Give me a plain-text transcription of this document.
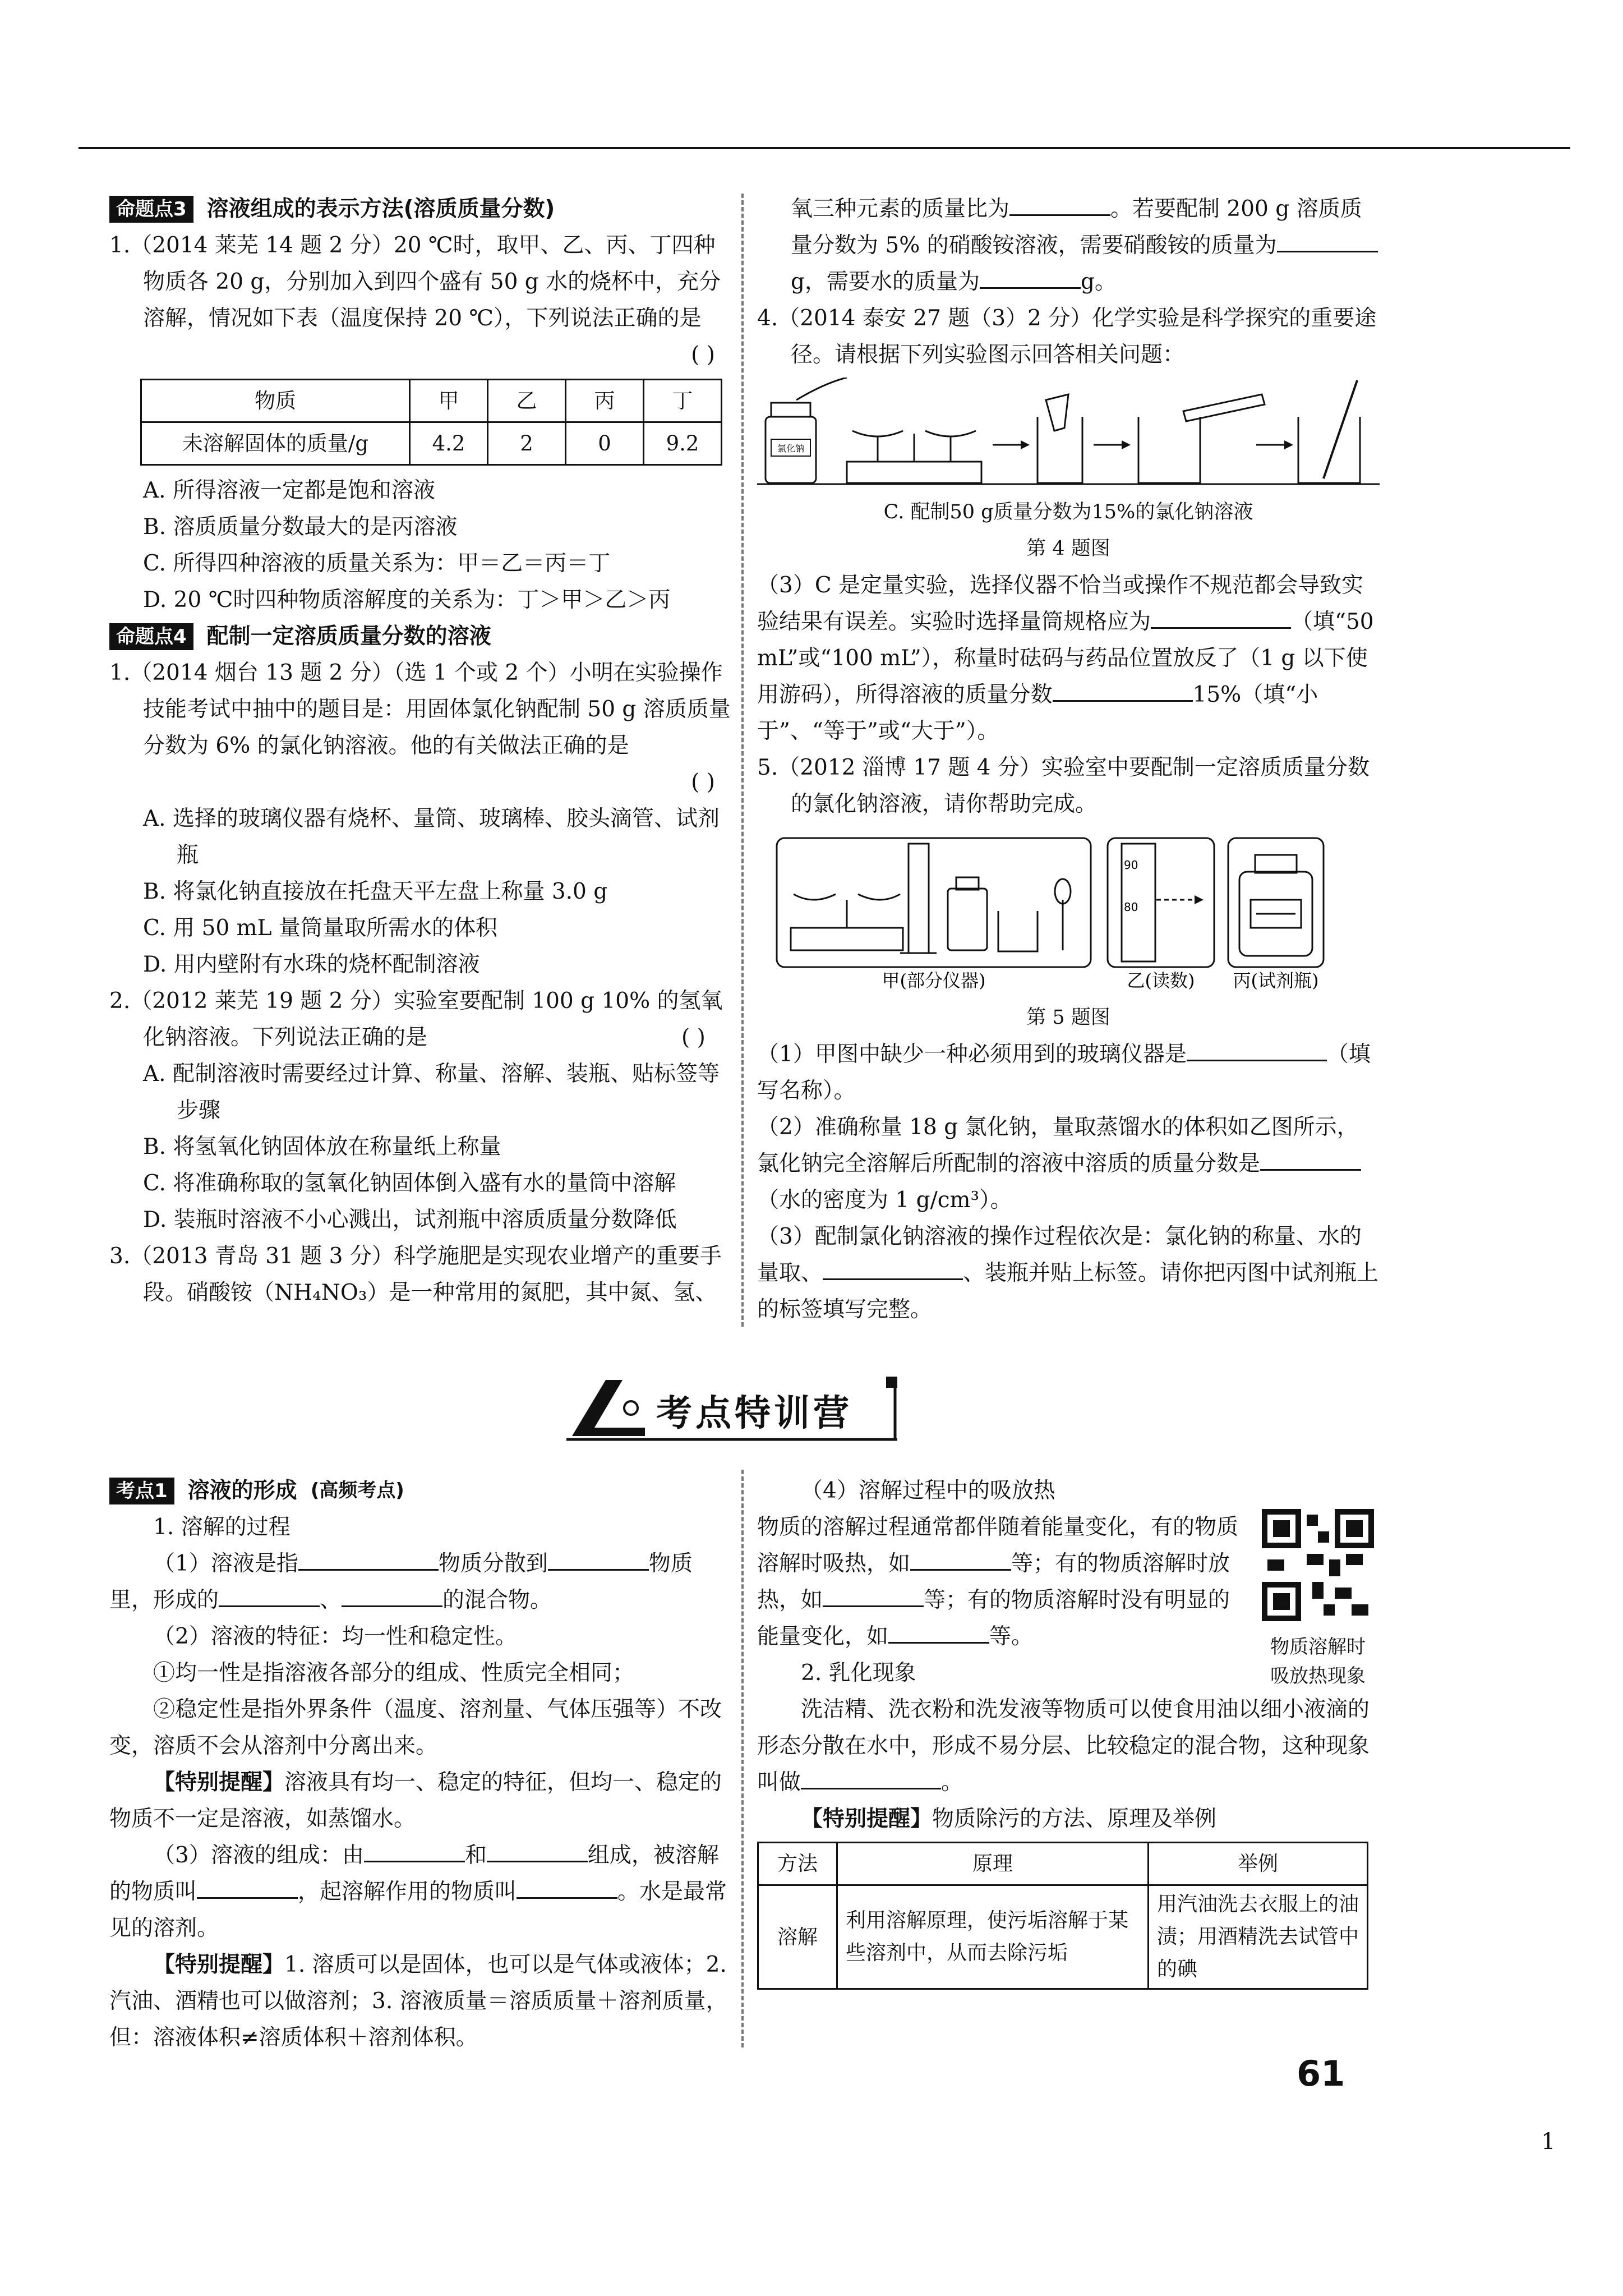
命题点3 溶液组成的表示方法(溶质质量分数)
1.（2014 莱芜 14 题 2 分）20 ℃时，取甲、乙、丙、丁四种物质各 20 g，分别加入到四个盛有 50 g 水的烧杯中，充分溶解，情况如下表（温度保持 20 ℃），下列说法正确的是
( )
物质	甲	乙	丙	丁
未溶解固体的质量/g	4.2	2	0	9.2
A. 所得溶液一定都是饱和溶液
B. 溶质质量分数最大的是丙溶液
C. 所得四种溶液的质量关系为：甲＝乙＝丙＝丁
D. 20 ℃时四种物质溶解度的关系为：丁＞甲＞乙＞丙
命题点4 配制一定溶质质量分数的溶液
1.（2014 烟台 13 题 2 分）（选 1 个或 2 个）小明在实验操作技能考试中抽中的题目是：用固体氯化钠配制 50 g 溶质质量分数为 6% 的氯化钠溶液。他的有关做法正确的是
( )
A. 选择的玻璃仪器有烧杯、量筒、玻璃棒、胶头滴管、试剂瓶
B. 将氯化钠直接放在托盘天平左盘上称量 3.0 g
C. 用 50 mL 量筒量取所需水的体积
D. 用内壁附有水珠的烧杯配制溶液
2.（2012 莱芜 19 题 2 分）实验室要配制 100 g 10% 的氢氧化钠溶液。下列说法正确的是	( )
A. 配制溶液时需要经过计算、称量、溶解、装瓶、贴标签等步骤
B. 将氢氧化钠固体放在称量纸上称量
C. 将准确称取的氢氧化钠固体倒入盛有水的量筒中溶解
D. 装瓶时溶液不小心溅出，试剂瓶中溶质质量分数降低
3.（2013 青岛 31 题 3 分）科学施肥是实现农业增产的重要手段。硝酸铵（NH₄NO₃）是一种常用的氮肥，其中氮、氢、
氧三种元素的质量比为	。若要配制 200 g 溶质质量分数为 5% 的硝酸铵溶液，需要硝酸铵的质量为g，需要水的质量为	g。
4.（2014 泰安 27 题（3）2 分）化学实验是科学探究的重要途径。请根据下列实验图示回答相关问题：
氯化钠
C. 配制50 g质量分数为15%的氯化钠溶液
第 4 题图
（3）C 是定量实验，选择仪器不恰当或操作不规范都会导致实验结果有误差。实验时选择量筒规格应为	（填“50 mL”或“100 mL”），称量时砝码与药品位置放反了（1 g 以下使用游码），所得溶液的质量分数	15%（填“小于”、“等于”或“大于”）。
5.（2012 淄博 17 题 4 分）实验室中要配制一定溶质质量分数的氯化钠溶液，请你帮助完成。
90
80
甲(部分仪器)	乙(读数) 丙(试剂瓶)
第 5 题图
（1）甲图中缺少一种必须用到的玻璃仪器是	（填写名称）。
（2）准确称量 18 g 氯化钠，量取蒸馏水的体积如乙图所示，氯化钠完全溶解后所配制的溶液中溶质的质量分数是（水的密度为 1 g/cm³）。
（3）配制氯化钠溶液的操作过程依次是：氯化钠的称量、水的量取、	、装瓶并贴上标签。请你把丙图中试剂瓶上的标签填写完整。
考点特训营
考点1 溶液的形成 (高频考点)
1. 溶解的过程
（1）溶液是指	物质分散到	物质里，形成的	、	的混合物。
（2）溶液的特征：均一性和稳定性。
①均一性是指溶液各部分的组成、性质完全相同；
②稳定性是指外界条件（温度、溶剂量、气体压强等）不改变，溶质不会从溶剂中分离出来。
【特别提醒】溶液具有均一、稳定的特征，但均一、稳定的物质不一定是溶液，如蒸馏水。
（3）溶液的组成：由	和	组成，被溶解的物质叫	，起溶解作用的物质叫	。水是最常见的溶剂。
【特别提醒】1. 溶质可以是固体，也可以是气体或液体；2. 汽油、酒精也可以做溶剂；3. 溶液质量＝溶质质量＋溶剂质量，但：溶液体积≠溶质体积＋溶剂体积。
（4）溶解过程中的吸放热
物质的溶解过程通常都伴随着能量变化，有的物质溶解时吸热，如	等；有的物质溶解时放热，如	等；有的物质溶解时没有明显的能量变化，如	等。	物质溶解时吸放热现象
2. 乳化现象
洗洁精、洗衣粉和洗发液等物质可以使食用油以细小液滴的形态分散在水中，形成不易分层、比较稳定的混合物，这种现象叫做	。
【特别提醒】物质除污的方法、原理及举例
方法	原理	举例
溶解	利用溶解原理，使污垢溶解于某些溶剂中，从而去除污垢	用汽油洗去衣服上的油渍；用酒精洗去试管中的碘
61
1
